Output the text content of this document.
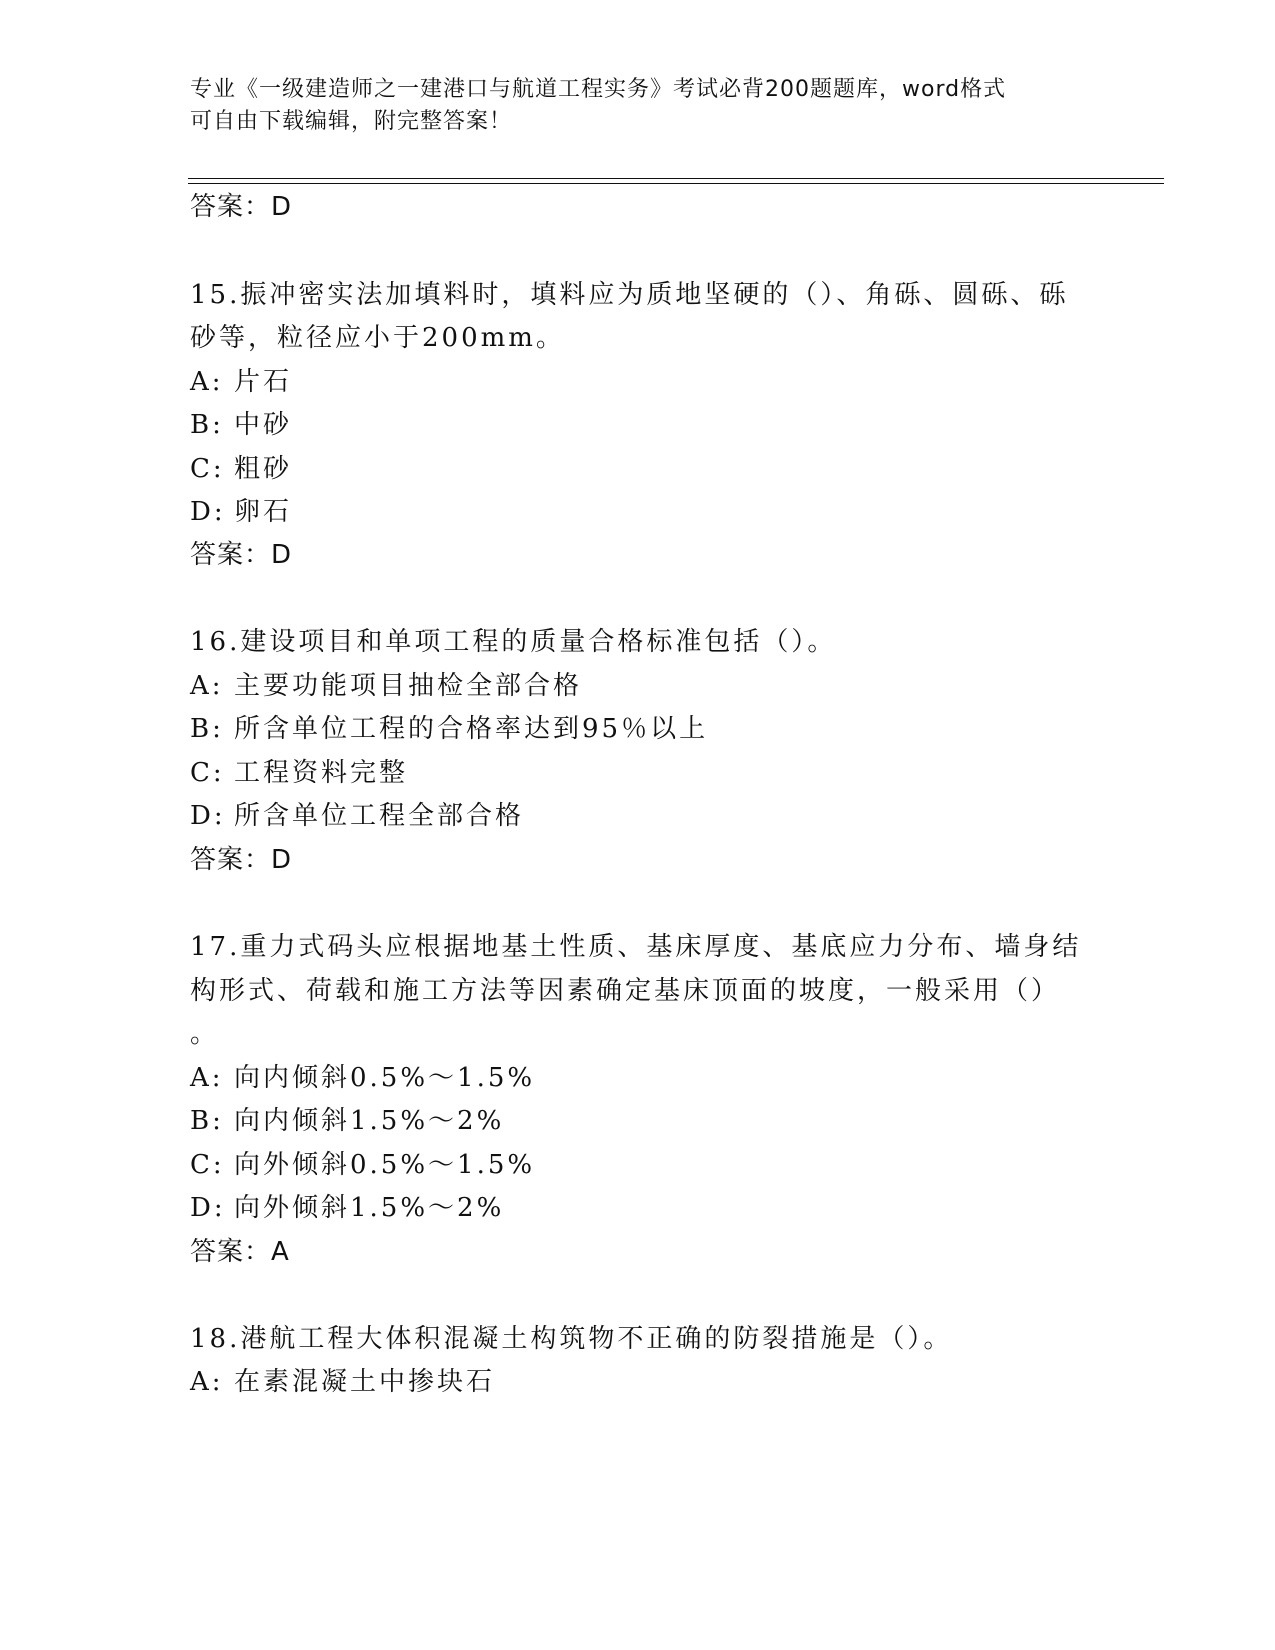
专业《一级建造师之一建港口与航道工程实务》考试必背200题题库，word格式
可自由下载编辑，附完整答案！
答案：D
15.振冲密实法加填料时，填料应为质地坚硬的（）、角砾、圆砾、砾
砂等，粒径应小于200mm。
A: 片石
B: 中砂
C: 粗砂
D: 卵石
答案：D
16.建设项目和单项工程的质量合格标准包括（）。
A: 主要功能项目抽检全部合格
B: 所含单位工程的合格率达到95％以上
C: 工程资料完整
D: 所含单位工程全部合格
答案：D
17.重力式码头应根据地基土性质、基床厚度、基底应力分布、墙身结
构形式、荷载和施工方法等因素确定基床顶面的坡度，一般采用（）
。
A: 向内倾斜0.5%～1.5%
B: 向内倾斜1.5%～2%
C: 向外倾斜0.5%～1.5%
D: 向外倾斜1.5%～2%
答案：A
18.港航工程大体积混凝土构筑物不正确的防裂措施是（）。
A: 在素混凝土中掺块石
